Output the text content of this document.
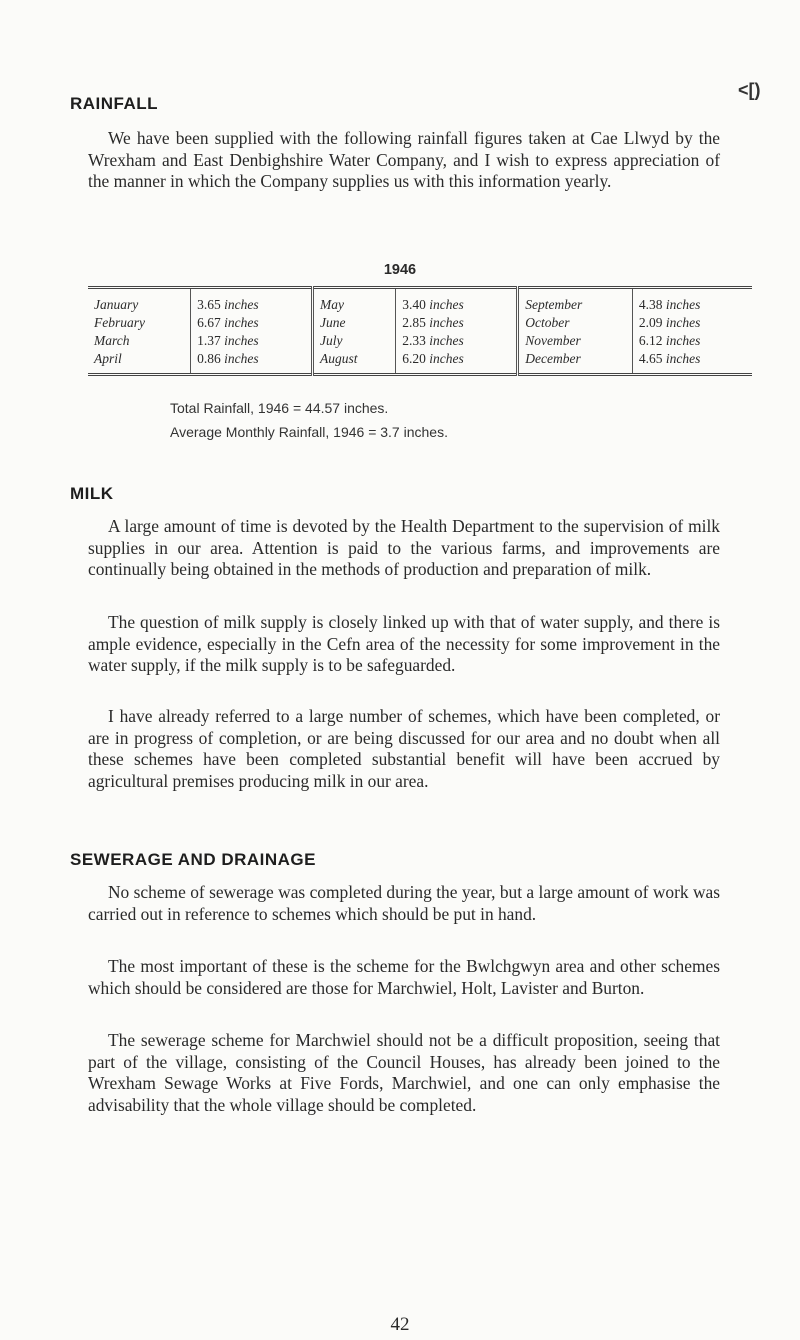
<[)
RAINFALL

We have been supplied with the following rainfall figures taken at Cae Llwyd by the Wrexham and East Denbighshire Water Company, and I wish to express appreciation of the manner in which the Company supplies us with this information yearly.

1946
January	3.65 inches	May	3.40 inches	September	4.38 inches
February	6.67 inches	June	2.85 inches	October	2.09 inches
March	1.37 inches	July	2.33 inches	November	6.12 inches
April	0.86 inches	August	6.20 inches	December	4.65 inches
Total Rainfall, 1946 = 44.57 inches.
Average Monthly Rainfall, 1946 = 3.7 inches.
MILK

A large amount of time is devoted by the Health Department to the supervision of milk supplies in our area. Attention is paid to the various farms, and improvements are continually being obtained in the methods of production and preparation of milk.

The question of milk supply is closely linked up with that of water supply, and there is ample evidence, especially in the Cefn area of the necessity for some improvement in the water supply, if the milk supply is to be safeguarded.

I have already referred to a large number of schemes, which have been completed, or are in progress of completion, or are being discussed for our area and no doubt when all these schemes have been completed substantial benefit will have been accrued by agricultural premises producing milk in our area.

SEWERAGE AND DRAINAGE

No scheme of sewerage was completed during the year, but a large amount of work was carried out in reference to schemes which should be put in hand.

The most important of these is the scheme for the Bwlchgwyn area and other schemes which should be considered are those for Marchwiel, Holt, Lavister and Burton.

The sewerage scheme for Marchwiel should not be a difficult proposition, seeing that part of the village, consisting of the Council Houses, has already been joined to the Wrexham Sewage Works at Five Fords, Marchwiel, and one can only emphasise the advisability that the whole village should be completed.

42
